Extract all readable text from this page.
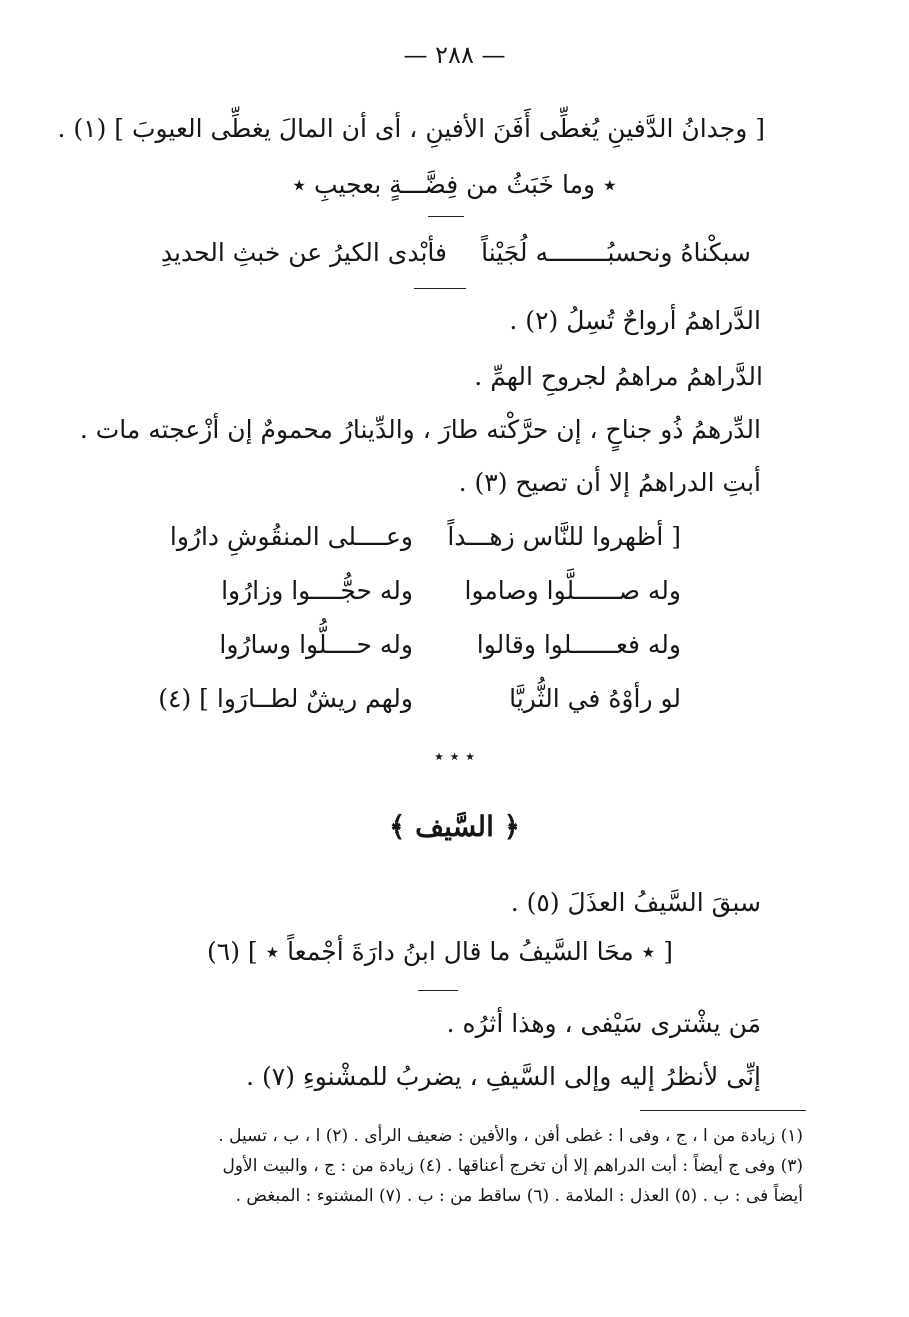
— ٢٨٨ —
[ وجدانُ الدَّفينِ يُغطِّى أَفَنَ الأفينِ ، أى أن المالَ يغطِّى العيوبَ ] (١) .
٭ وما خَبَثُ من فِضَّـــةٍ بعجيبِ ٭
سبكْناهُ ونحسبُــــــــه لُجَيْناً
فأبْدى الكيرُ عن خبثِ الحديدِ
الدَّراهمُ أرواحٌ تُسِلُ (٢) .
الدَّراهمُ مراهمُ لجروحِ الهمِّ .
الدِّرهمُ ذُو جناحٍ ، إن حرَّكْته طارَ ، والدِّينارُ محمومٌ إن أزْعجته مات .
أبتِ الدراهمُ إلا أن تصيح (٣) .
[ أظهروا للنَّاس زهـــداً
وعــــلى المنقُوشِ دارُوا
وله صــــــلَّوا وصاموا
وله حجُّــــوا وزارُوا
وله فعــــــلوا وقالوا
وله حــــلُّوا وسارُوا
لو رأوْهُ في الثُّريَّا
ولهم ريشٌ لطــارَوا ] (٤)
٭ ٭ ٭
﴿ السَّيف ﴾
سبقَ السَّيفُ العذَلَ (٥) .
[ ٭ محَا السَّيفُ ما قال ابنُ دارَةَ أجْمعاً ٭ ] (٦)
مَن يشْترى سَيْفى ، وهذا أثرُه .
إنِّى لأنظرُ إليه وإلى السَّيفِ ، يضربُ للمشْنوءِ (٧) .
(١) زيادة من ا ، ج ، وفى ا : غطى أفن ، والأفين : ضعيف الرأى . (٢) ا ، ب ، تسيل .
(٣) وفى ج أيضاً : أبت الدراهم إلا أن تخرج أعناقها . (٤) زيادة من : ج ، والبيت الأول
أيضاً فى : ب . (٥) العذل : الملامة . (٦) ساقط من : ب . (٧) المشنوء : المبغض .
